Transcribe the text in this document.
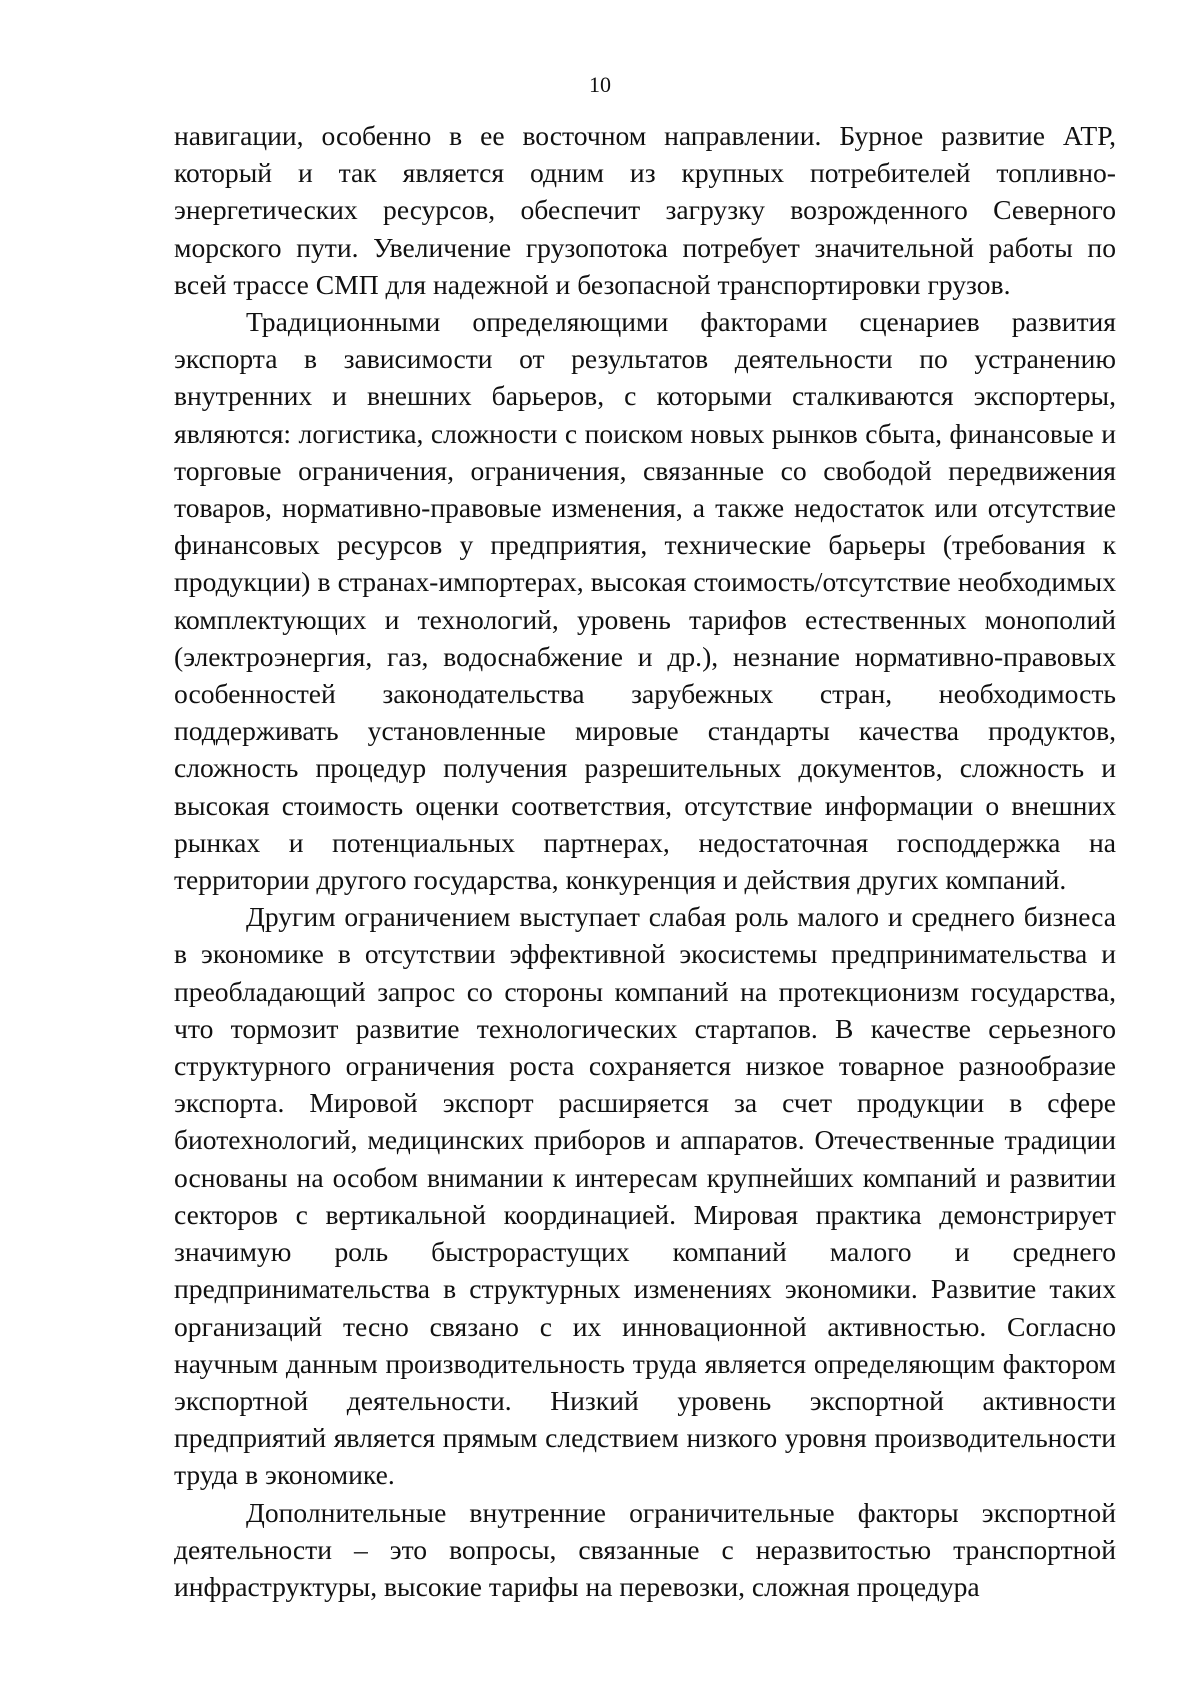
10

навигации, особенно в ее восточном направлении. Бурное развитие АТР, который и так является одним из крупных потребителей топливно-энергетических ресурсов, обеспечит загрузку возрожденного Северного морского пути. Увеличение грузопотока потребует значительной работы по всей трассе СМП для надежной и безопасной транспортировки грузов.

Традиционными определяющими факторами сценариев развития экспорта в зависимости от результатов деятельности по устранению внутренних и внешних барьеров, с которыми сталкиваются экспортеры, являются: логистика, сложности с поиском новых рынков сбыта, финансовые и торговые ограничения, ограничения, связанные со свободой передвижения товаров, нормативно-правовые изменения, а также недостаток или отсутствие финансовых ресурсов у предприятия, технические барьеры (требования к продукции) в странах-импортерах, высокая стоимость/отсутствие необходимых комплектующих и технологий, уровень тарифов естественных монополий (электроэнергия, газ, водоснабжение и др.), незнание нормативно-правовых особенностей законодательства зарубежных стран, необходимость поддерживать установленные мировые стандарты качества продуктов, сложность процедур получения разрешительных документов, сложность и высокая стоимость оценки соответствия, отсутствие информации о внешних рынках и потенциальных партнерах, недостаточная господдержка на территории другого государства, конкуренция и действия других компаний.

Другим ограничением выступает слабая роль малого и среднего бизнеса в экономике в отсутствии эффективной экосистемы предпринимательства и преобладающий запрос со стороны компаний на протекционизм государства, что тормозит развитие технологических стартапов. В качестве серьезного структурного ограничения роста сохраняется низкое товарное разнообразие экспорта. Мировой экспорт расширяется за счет продукции в сфере биотехнологий, медицинских приборов и аппаратов. Отечественные традиции основаны на особом внимании к интересам крупнейших компаний и развитии секторов с вертикальной координацией. Мировая практика демонстрирует значимую роль быстрорастущих компаний малого и среднего предпринимательства в структурных изменениях экономики. Развитие таких организаций тесно связано с их инновационной активностью. Согласно научным данным производительность труда является определяющим фактором экспортной деятельности. Низкий уровень экспортной активности предприятий является прямым следствием низкого уровня производительности труда в экономике.

Дополнительные внутренние ограничительные факторы экспортной деятельности – это вопросы, связанные с неразвитостью транспортной инфраструктуры, высокие тарифы на перевозки, сложная процедура
